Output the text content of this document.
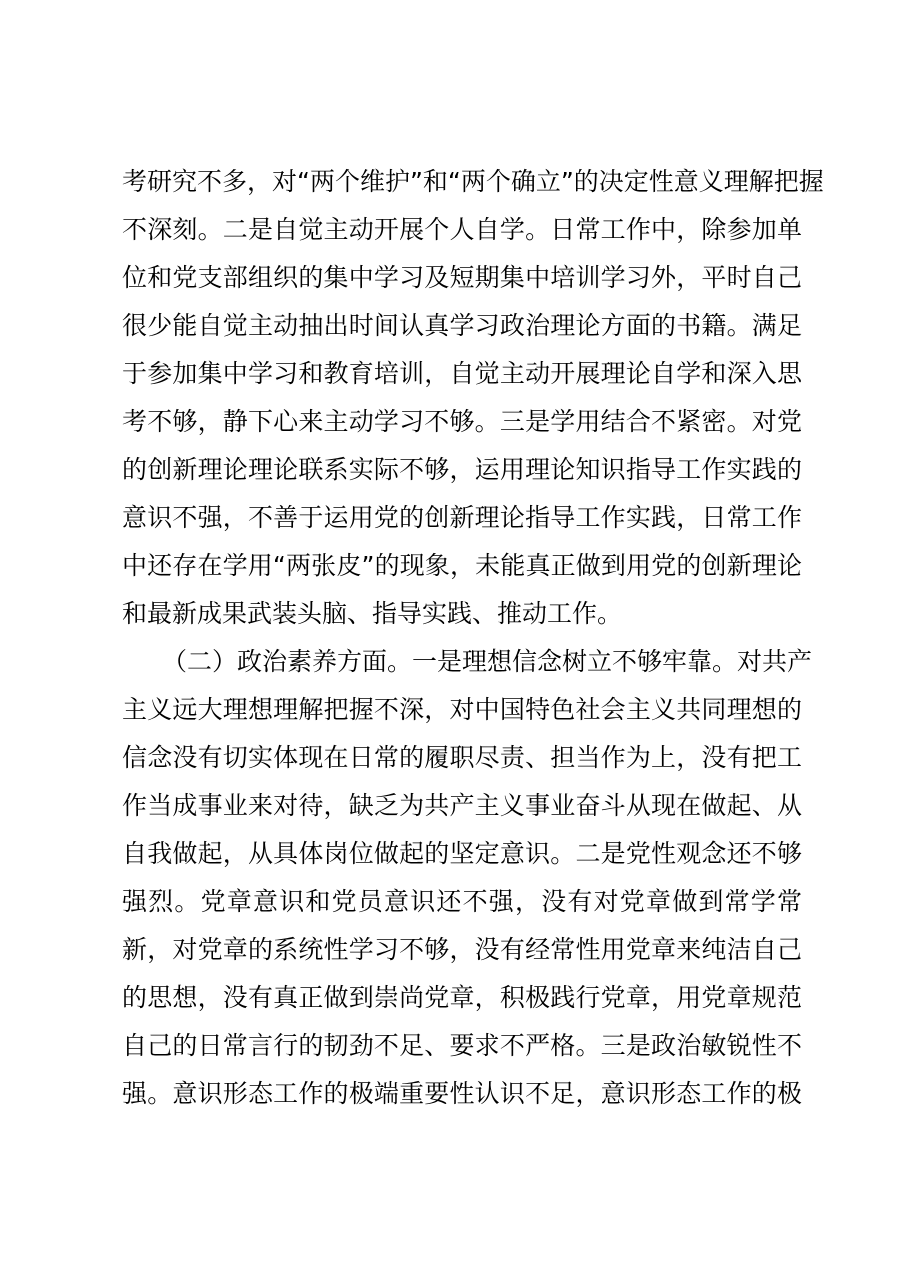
考研究不多，对“两个维护”和“两个确立”的决定性意义理解把握
不深刻。二是自觉主动开展个人自学。日常工作中，除参加单
位和党支部组织的集中学习及短期集中培训学习外，平时自己
很少能自觉主动抽出时间认真学习政治理论方面的书籍。满足
于参加集中学习和教育培训，自觉主动开展理论自学和深入思
考不够，静下心来主动学习不够。三是学用结合不紧密。对党
的创新理论理论联系实际不够，运用理论知识指导工作实践的
意识不强，不善于运用党的创新理论指导工作实践，日常工作
中还存在学用“两张皮”的现象，未能真正做到用党的创新理论
和最新成果武装头脑、指导实践、推动工作。
（二）政治素养方面。一是理想信念树立不够牢靠。对共产
主义远大理想理解把握不深，对中国特色社会主义共同理想的
信念没有切实体现在日常的履职尽责、担当作为上，没有把工
作当成事业来对待，缺乏为共产主义事业奋斗从现在做起、从
自我做起，从具体岗位做起的坚定意识。二是党性观念还不够
强烈。党章意识和党员意识还不强，没有对党章做到常学常
新，对党章的系统性学习不够，没有经常性用党章来纯洁自己
的思想，没有真正做到崇尚党章，积极践行党章，用党章规范
自己的日常言行的韧劲不足、要求不严格。三是政治敏锐性不
强。意识形态工作的极端重要性认识不足，意识形态工作的极
